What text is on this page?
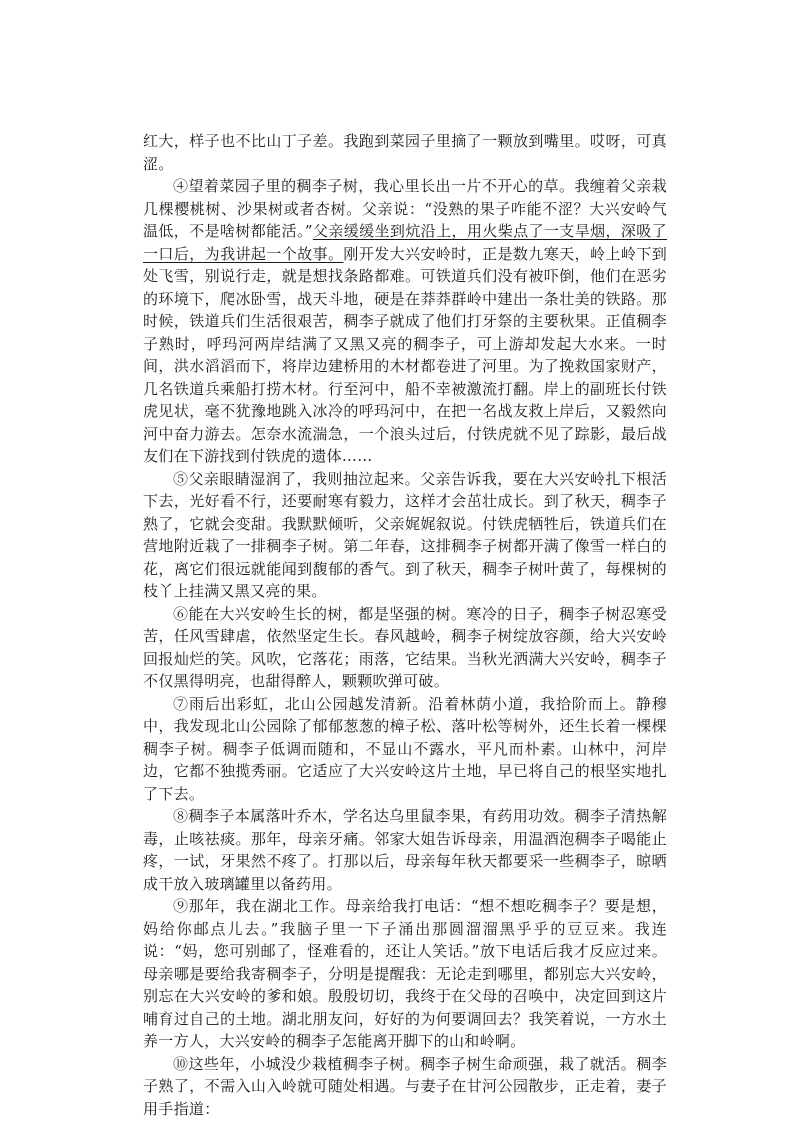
红大，样子也不比山丁子差。我跑到菜园子里摘了一颗放到嘴里。哎呀，可真涩。

④望着菜园子里的稠李子树，我心里长出一片不开心的草。我缠着父亲栽几棵樱桃树、沙果树或者杏树。父亲说：“没熟的果子咋能不涩？大兴安岭气温低，不是啥树都能活。”父亲缓缓坐到炕沿上，用火柴点了一支旱烟，深吸了一口后，为我讲起一个故事。刚开发大兴安岭时，正是数九寒天，岭上岭下到处飞雪，别说行走，就是想找条路都难。可铁道兵们没有被吓倒，他们在恶劣的环境下，爬冰卧雪，战天斗地，硬是在莽莽群岭中建出一条壮美的铁路。那时候，铁道兵们生活很艰苦，稠李子就成了他们打牙祭的主要秋果。正值稠李子熟时，呼玛河两岸结满了又黑又亮的稠李子，可上游却发起大水来。一时间，洪水滔滔而下，将岸边建桥用的木材都卷进了河里。为了挽救国家财产，几名铁道兵乘船打捞木材。行至河中，船不幸被激流打翻。岸上的副班长付铁虎见状，毫不犹豫地跳入冰冷的呼玛河中，在把一名战友救上岸后，又毅然向河中奋力游去。怎奈水流湍急，一个浪头过后，付铁虎就不见了踪影，最后战友们在下游找到付铁虎的遗体……

⑤父亲眼睛湿润了，我则抽泣起来。父亲告诉我，要在大兴安岭扎下根活下去，光好看不行，还要耐寒有毅力，这样才会茁壮成长。到了秋天，稠李子熟了，它就会变甜。我默默倾听，父亲娓娓叙说。付铁虎牺牲后，铁道兵们在营地附近栽了一排稠李子树。第二年春，这排稠李子树都开满了像雪一样白的花，离它们很远就能闻到馥郁的香气。到了秋天，稠李子树叶黄了，每棵树的枝丫上挂满又黑又亮的果。

⑥能在大兴安岭生长的树，都是坚强的树。寒冷的日子，稠李子树忍寒受苦，任风雪肆虐，依然坚定生长。春风越岭，稠李子树绽放容颜，给大兴安岭回报灿烂的笑。风吹，它落花；雨落，它结果。当秋光洒满大兴安岭，稠李子不仅黑得明亮，也甜得醉人，颗颗吹弹可破。

⑦雨后出彩虹，北山公园越发清新。沿着林荫小道，我拾阶而上。静穆中，我发现北山公园除了郁郁葱葱的樟子松、落叶松等树外，还生长着一棵棵稠李子树。稠李子低调而随和，不显山不露水，平凡而朴素。山林中，河岸边，它都不独揽秀丽。它适应了大兴安岭这片土地，早已将自己的根坚实地扎了下去。

⑧稠李子本属落叶乔木，学名达乌里鼠李果，有药用功效。稠李子清热解毒，止咳祛痰。那年，母亲牙痛。邻家大姐告诉母亲，用温酒泡稠李子喝能止疼，一试，牙果然不疼了。打那以后，母亲每年秋天都要采一些稠李子，晾晒成干放入玻璃罐里以备药用。

⑨那年，我在湖北工作。母亲给我打电话：“想不想吃稠李子？要是想，妈给你邮点儿去。”我脑子里一下子涌出那圆溜溜黑乎乎的豆豆来。我连说：“妈，您可别邮了，怪难看的，还让人笑话。”放下电话后我才反应过来。母亲哪是要给我寄稠李子，分明是提醒我：无论走到哪里，都别忘大兴安岭，别忘在大兴安岭的爹和娘。殷殷切切，我终于在父母的召唤中，决定回到这片哺育过自己的土地。湖北朋友问，好好的为何要调回去？我笑着说，一方水土养一方人，大兴安岭的稠李子怎能离开脚下的山和岭啊。

⑩这些年，小城没少栽植稠李子树。稠李子树生命顽强，栽了就活。稠李子熟了，不需入山入岭就可随处相遇。与妻子在甘河公园散步，正走着，妻子用手指道：
